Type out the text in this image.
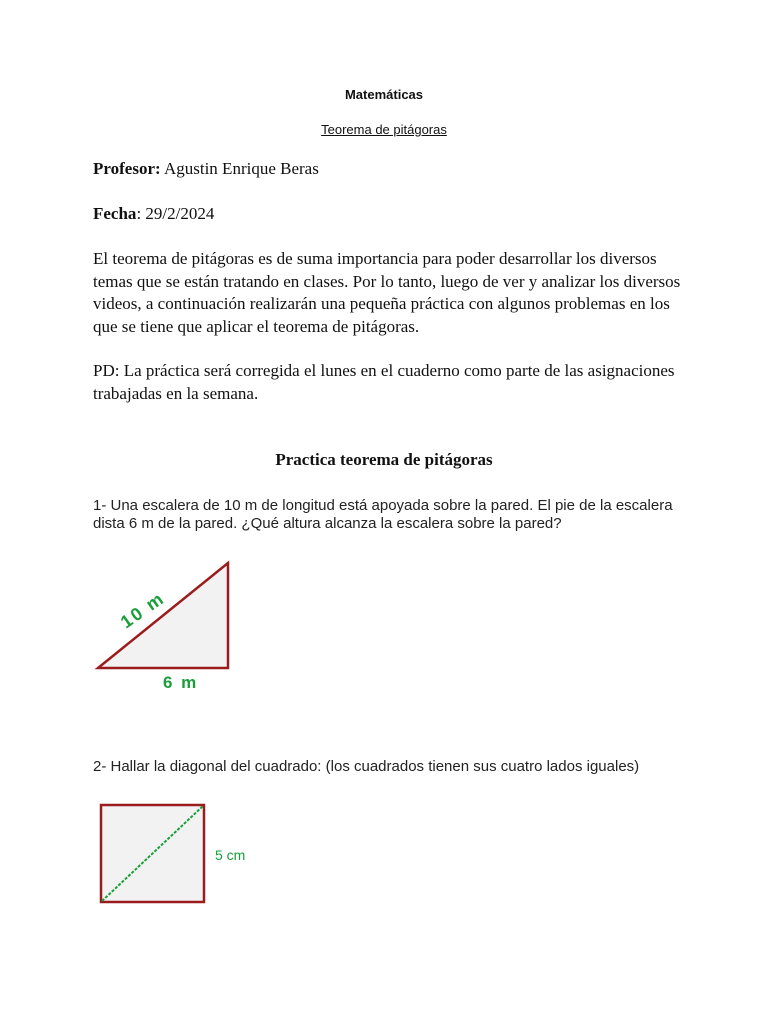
Matemáticas
Teorema de pitágoras
Profesor: Agustin Enrique Beras
Fecha: 29/2/2024

El teorema de pitágoras es de suma importancia para poder desarrollar los diversos temas que se están tratando en clases. Por lo tanto, luego de ver y analizar los diversos videos, a continuación realizarán una pequeña práctica con algunos problemas en los que se tiene que aplicar el teorema de pitágoras.

PD: La práctica será corregida el lunes en el cuaderno como parte de las asignaciones trabajadas en la semana.

Practica teorema de pitágoras

1- Una escalera de 10 m de longitud está apoyada sobre la pared. El pie de la escalera dista 6 m de la pared. ¿Qué altura alcanza la escalera sobre la pared?

10 m
6 m
5 cm

2- Hallar la diagonal del cuadrado: (los cuadrados tienen sus cuatro lados iguales)
